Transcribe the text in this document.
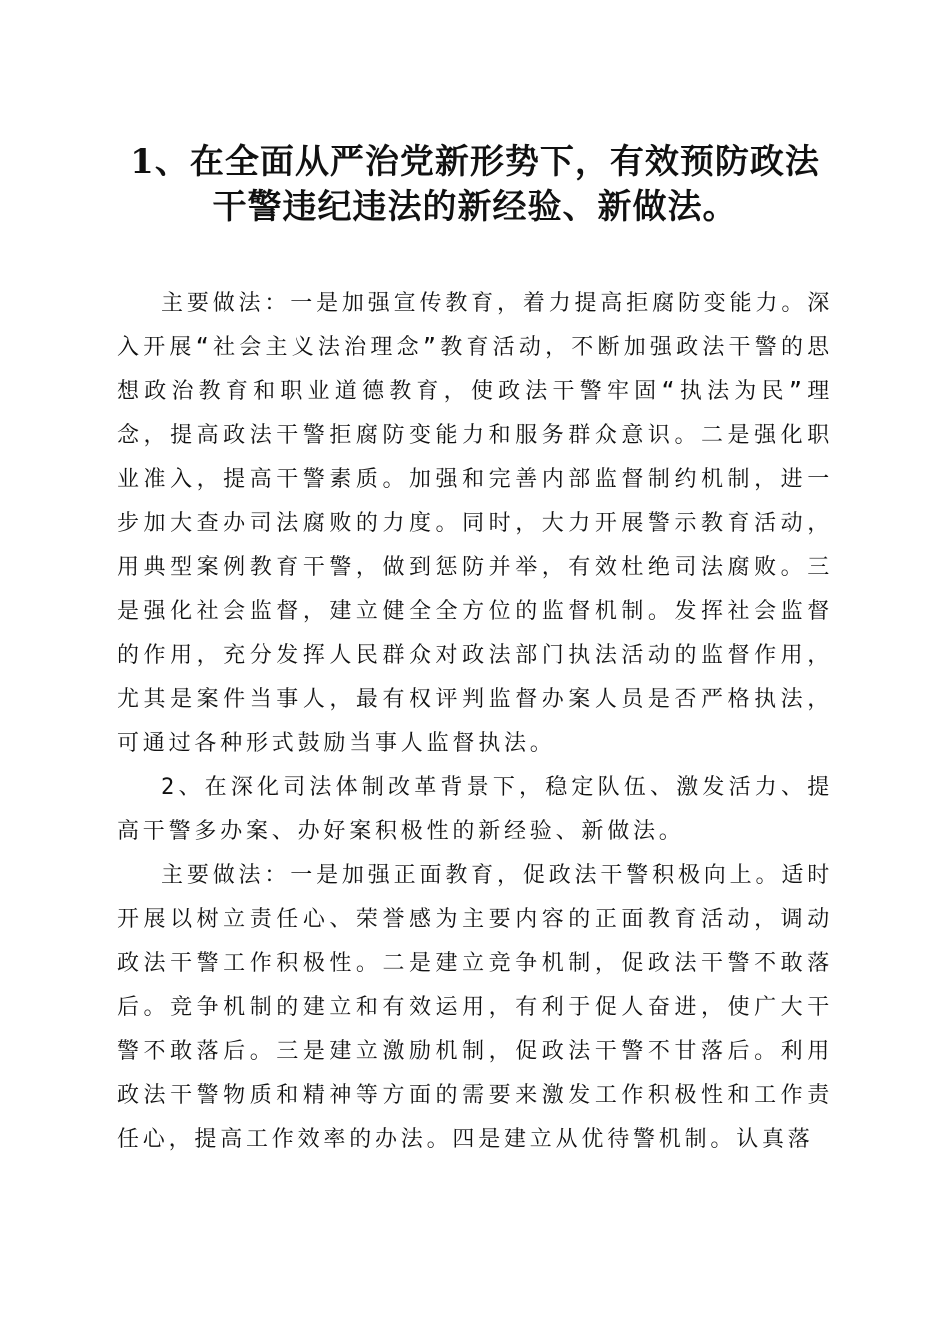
1、在全面从严治党新形势下，有效预防政法
干警违纪违法的新经验、新做法。

主要做法：一是加强宣传教育，着力提高拒腐防变能力。深入开展“社会主义法治理念”教育活动，不断加强政法干警的思想政治教育和职业道德教育，使政法干警牢固“执法为民”理念，提高政法干警拒腐防变能力和服务群众意识。二是强化职业准入，提高干警素质。加强和完善内部监督制约机制，进一步加大查办司法腐败的力度。同时，大力开展警示教育活动，用典型案例教育干警，做到惩防并举，有效杜绝司法腐败。三是强化社会监督，建立健全全方位的监督机制。发挥社会监督的作用，充分发挥人民群众对政法部门执法活动的监督作用，尤其是案件当事人，最有权评判监督办案人员是否严格执法，可通过各种形式鼓励当事人监督执法。

2、在深化司法体制改革背景下，稳定队伍、激发活力、提高干警多办案、办好案积极性的新经验、新做法。

主要做法：一是加强正面教育，促政法干警积极向上。适时开展以树立责任心、荣誉感为主要内容的正面教育活动，调动政法干警工作积极性。二是建立竞争机制，促政法干警不敢落后。竞争机制的建立和有效运用，有利于促人奋进，使广大干警不敢落后。三是建立激励机制，促政法干警不甘落后。利用政法干警物质和精神等方面的需要来激发工作积极性和工作责任心，提高工作效率的办法。四是建立从优待警机制。认真落
